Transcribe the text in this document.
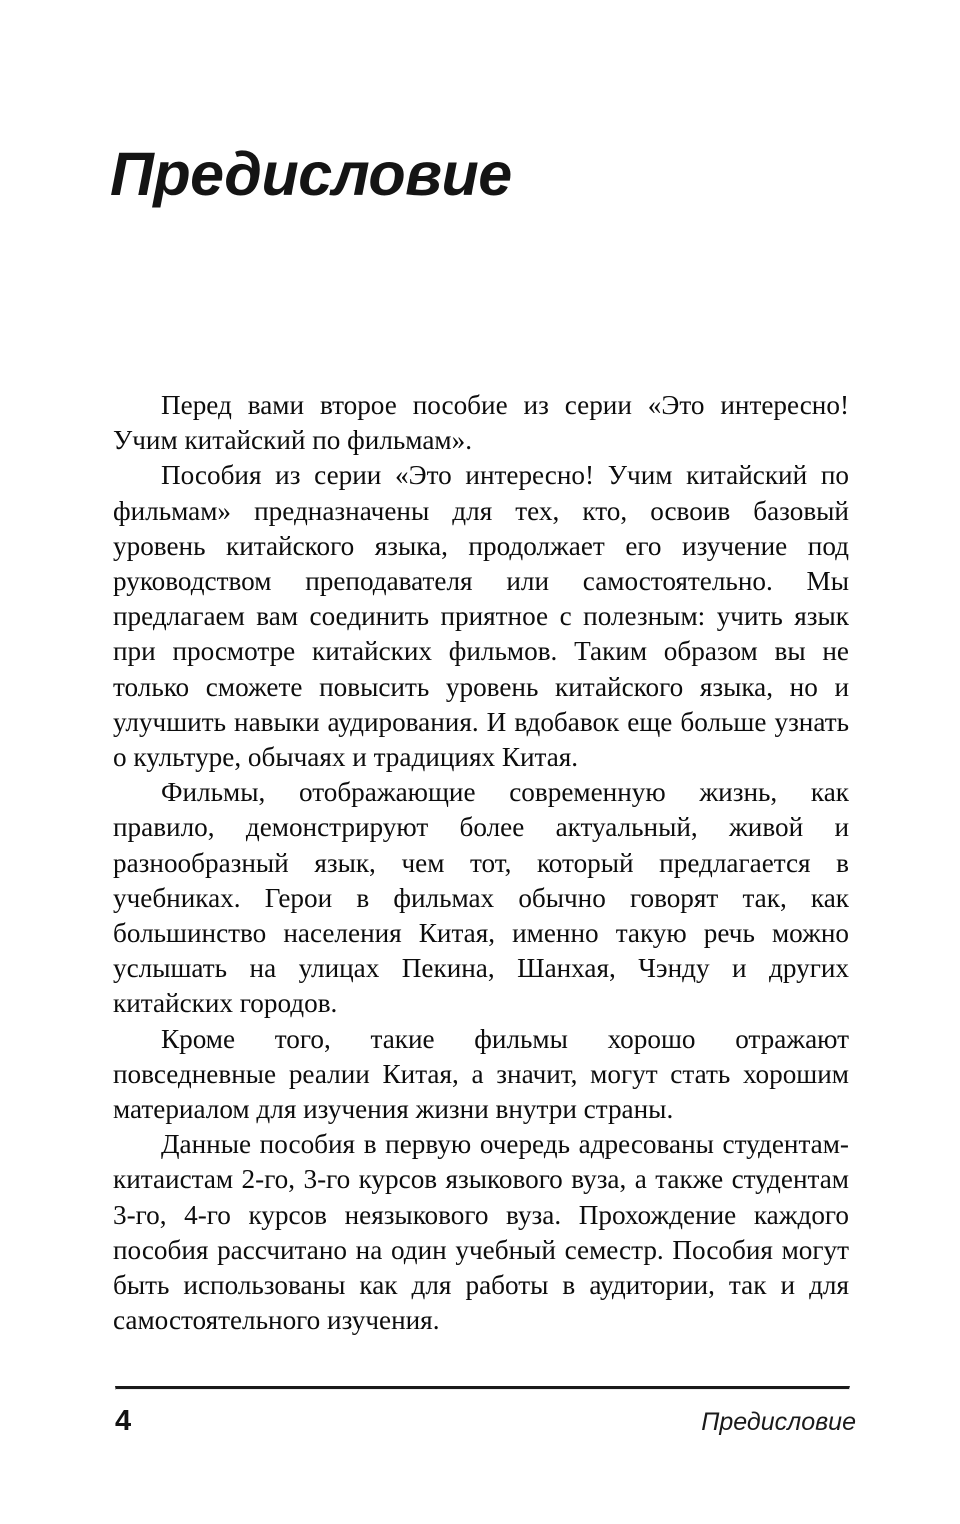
Предисловие

Перед вами второе пособие из серии «Это интересно! Учим китайский по фильмам».

Пособия из серии «Это интересно! Учим китайский по фильмам» предназначены для тех, кто, освоив базовый уровень китайского языка, продолжает его изучение под руководством преподавателя или самостоятельно. Мы предлагаем вам соединить приятное с полезным: учить язык при просмотре китайских фильмов. Таким образом вы не только сможете повысить уровень китайского языка, но и улучшить навыки аудирования. И вдобавок еще больше узнать о культуре, обычаях и традициях Китая.

Фильмы, отображающие современную жизнь, как правило, демонстрируют более актуальный, живой и разнообразный язык, чем тот, который предлагается в учебниках. Герои в фильмах обычно говорят так, как большинство населения Китая, именно такую речь можно услышать на улицах Пекина, Шанхая, Чэнду и других китайских городов.

Кроме того, такие фильмы хорошо отражают повседневные реалии Китая, а значит, могут стать хорошим материалом для изучения жизни внутри страны.

Данные пособия в первую очередь адресованы студентам-китаистам 2-го, 3-го курсов языкового вуза, а также студентам 3-го, 4-го курсов неязыкового вуза. Прохождение каждого пособия рассчитано на один учебный семестр. Пособия могут быть использованы как для работы в аудитории, так и для самостоятельного изучения.

4	Предисловие
